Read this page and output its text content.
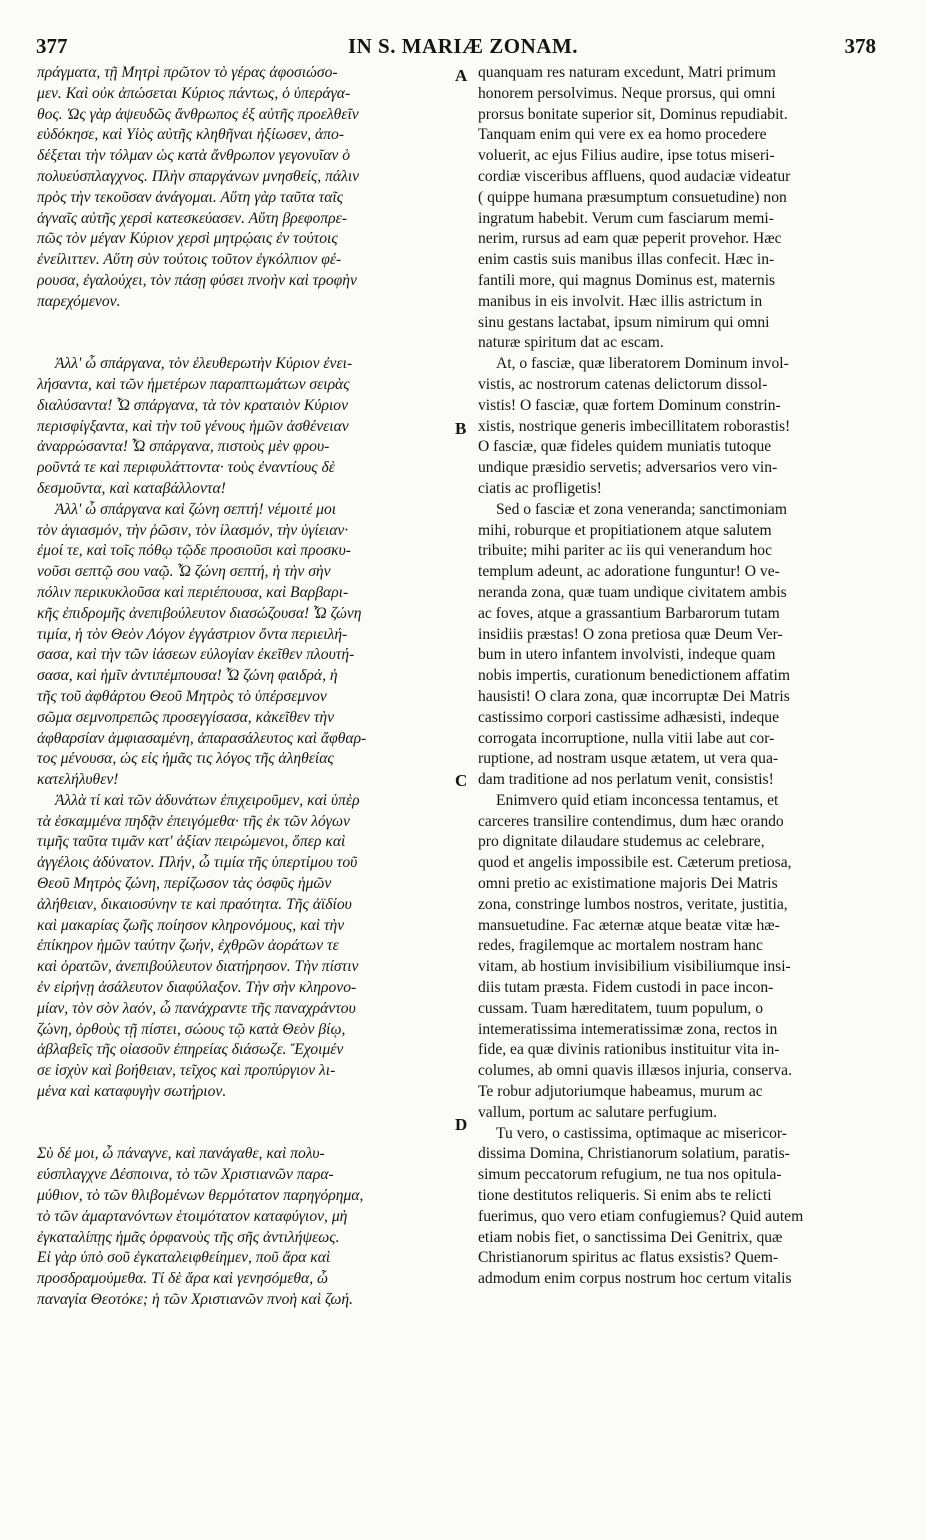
377	IN S. MARIÆ ZONAM.	378
πράγματα, τῇ Μητρὶ πρῶτον τὸ γέρας ἀφοσιώσο-
μεν. Καὶ οὐκ ἀπώσεται Κύριος πάντως, ὁ ὑπεράγα-
θος. Ὡς γὰρ ἀψευδῶς ἄνθρωπος ἐξ αὐτῆς προελθεῖν
εὐδόκησε, καὶ Υἱὸς αὐτῆς κληθῆναι ἠξίωσεν, ἀπο-
δέξεται τὴν τόλμαν ὡς κατὰ ἄνθρωπον γεγονυῖαν ὁ
πολυεύσπλαγχνος. Πλὴν σπαργάνων μνησθείς, πάλιν
πρὸς τὴν τεκοῦσαν ἀνάγομαι. Αὕτη γὰρ ταῦτα ταῖς
ἁγναῖς αὐτῆς χερσὶ κατεσκεύασεν. Αὕτη βρεφοπρε-
πῶς τὸν μέγαν Κύριον χερσὶ μητρῴαις ἐν τούτοις
ἐνείλιττεν. Αὕτη σὺν τούτοις τοῦτον ἐγκόλπιον φέ-
ρουσα, ἐγαλούχει, τὸν πάσῃ φύσει πνοὴν καὶ τροφὴν
παρεχόμενον.
Ἀλλ' ὦ σπάργανα, τὸν ἐλευθερωτὴν Κύριον ἐνει-
λήσαντα, καὶ τῶν ἡμετέρων παραπτωμάτων σειρὰς
διαλύσαντα! Ὦ σπάργανα, τὰ τὸν κραταιὸν Κύριον
περισφίγξαντα, καὶ τὴν τοῦ γένους ἡμῶν ἀσθένειαν
ἀναρρώσαντα! Ὦ σπάργανα, πιστοὺς μὲν φρου-
ροῦντά τε καὶ περιφυλάττοντα· τοὺς ἐναντίους δὲ
δεσμοῦντα, καὶ καταβάλλοντα!
Ἀλλ' ὦ σπάργανα καὶ ζώνη σεπτή! νέμοιτέ μοι
τὸν ἁγιασμόν, τὴν ῥῶσιν, τὸν ἱλασμόν, τὴν ὑγίειαν·
ἐμοί τε, καὶ τοῖς πόθῳ τῷδε προσιοῦσι καὶ προσκυ-
νοῦσι σεπτῷ σου ναῷ. Ὦ ζώνη σεπτή, ἡ τὴν σὴν
πόλιν περικυκλοῦσα καὶ περιέπουσα, καὶ Βαρβαρι-
κῆς ἐπιδρομῆς ἀνεπιβούλευτον διασώζουσα! Ὦ ζώνη
τιμία, ἡ τὸν Θεὸν Λόγον ἐγγάστριον ὄντα περιειλή-
σασα, καὶ τὴν τῶν ἰάσεων εὐλογίαν ἐκεῖθεν πλουτή-
σασα, καὶ ἡμῖν ἀντιπέμπουσα! Ὦ ζώνη φαιδρά, ἡ
τῆς τοῦ ἀφθάρτου Θεοῦ Μητρὸς τὸ ὑπέρσεμνον
σῶμα σεμνοπρεπῶς προσεγγίσασα, κἀκεῖθεν τὴν
ἀφθαρσίαν ἀμφιασαμένη, ἀπαρασάλευτος καὶ ἄφθαρ-
τος μένουσα, ὡς εἰς ἡμᾶς τις λόγος τῆς ἀληθείας
κατελήλυθεν!
Ἀλλὰ τί καὶ τῶν ἀδυνάτων ἐπιχειροῦμεν, καὶ ὑπὲρ
τὰ ἐσκαμμένα πηδᾷν ἐπειγόμεθα· τῆς ἐκ τῶν λόγων
τιμῆς ταῦτα τιμᾶν κατ' ἀξίαν πειρώμενοι, ὅπερ καὶ
ἀγγέλοις ἀδύνατον. Πλήν, ὦ τιμία τῆς ὑπερτίμου τοῦ
Θεοῦ Μητρὸς ζώνη, περίζωσον τὰς ὀσφῦς ἡμῶν
ἀλήθειαν, δικαιοσύνην τε καὶ πραότητα. Τῆς ἀϊδίου
καὶ μακαρίας ζωῆς ποίησον κληρονόμους, καὶ τὴν
ἐπίκηρον ἡμῶν ταύτην ζωήν, ἐχθρῶν ἀοράτων τε
καὶ ὁρατῶν, ἀνεπιβούλευτον διατήρησον. Τὴν πίστιν
ἐν εἰρήνῃ ἀσάλευτον διαφύλαξον. Τὴν σὴν κληρονο-
μίαν, τὸν σὸν λαόν, ὦ πανάχραντε τῆς παναχράντου
ζώνη, ὀρθοὺς τῇ πίστει, σώους τῷ κατὰ Θεὸν βίῳ,
ἀβλαβεῖς τῆς οἰασοῦν ἐπηρείας διάσωζε. Ἔχοιμέν
σε ἰσχὺν καὶ βοήθειαν, τεῖχος καὶ προπύργιον λι-
μένα καὶ καταφυγὴν σωτήριον.
Σὺ δέ μοι, ὦ πάναγνε, καὶ πανάγαθε, καὶ πολυ-
εύσπλαγχνε Δέσποινα, τὸ τῶν Χριστιανῶν παρα-
μύθιον, τὸ τῶν θλιβομένων θερμότατον παρηγόρημα,
τὸ τῶν ἁμαρτανόντων ἑτοιμότατον καταφύγιον, μὴ
ἐγκαταλίπῃς ἡμᾶς ὀρφανοὺς τῆς σῆς ἀντιλήψεως.
Εἰ γὰρ ὑπὸ σοῦ ἐγκαταλειφθείημεν, ποῦ ἄρα καὶ
προσδραμούμεθα. Τί δὲ ἄρα καὶ γενησόμεθα, ὦ
παναγία Θεοτόκε; ἡ τῶν Χριστιανῶν πνοὴ καὶ ζωή.
quanquam res naturam excedunt, Matri primum
honorem persolvimus. Neque prorsus, qui omni
prorsus bonitate superior sit, Dominus repudiabit.
Tanquam enim qui vere ex ea homo procedere
voluerit, ac ejus Filius audire, ipse totus miseri-
cordiæ visceribus affluens, quod audaciæ videatur
( quippe humana præsumptum consuetudine) non
ingratum habebit. Verum cum fasciarum memi-
nerim, rursus ad eam quæ peperit provehor. Hæc
enim castis suis manibus illas confecit. Hæc in-
fantili more, qui magnus Dominus est, maternis
manibus in eis involvit. Hæc illis astrictum in
sinu gestans lactabat, ipsum nimirum qui omni
naturæ spiritum dat ac escam.
At, o fasciæ, quæ liberatorem Dominum invol-
vistis, ac nostrorum catenas delictorum dissol-
vistis! O fasciæ, quæ fortem Dominum constrin-
xistis, nostrique generis imbecillitatem roborastis!
O fasciæ, quæ fideles quidem muniatis tutoque
undique præsidio servetis; adversarios vero vin-
ciatis ac profligetis!
Sed o fasciæ et zona veneranda; sanctimoniam
mihi, roburque et propitiationem atque salutem
tribuite; mihi pariter ac iis qui venerandum hoc
templum adeunt, ac adoratione funguntur! O ve-
neranda zona, quæ tuam undique civitatem ambis
ac foves, atque a grassantium Barbarorum tutam
insidiis præstas! O zona pretiosa quæ Deum Ver-
bum in utero infantem involvisti, indeque quam
nobis impertis, curationum benedictionem affatim
hausisti! O clara zona, quæ incorruptæ Dei Matris
castissimo corpori castissime adhæsisti, indeque
corrogata incorruptione, nulla vitii labe aut cor-
ruptione, ad nostram usque ætatem, ut vera qua-
dam traditione ad nos perlatum venit, consistis!
Enimvero quid etiam inconcessa tentamus, et
carceres transilire contendimus, dum hæc orando
pro dignitate dilaudare studemus ac celebrare,
quod et angelis impossibile est. Cæterum pretiosa,
omni pretio ac existimatione majoris Dei Matris
zona, constringe lumbos nostros, veritate, justitia,
mansuetudine. Fac æternæ atque beatæ vitæ hæ-
redes, fragilemque ac mortalem nostram hanc
vitam, ab hostium invisibilium visibiliumque insi-
diis tutam præsta. Fidem custodi in pace incon-
cussam. Tuam hæreditatem, tuum populum, o
intemeratissima intemeratissimæ zona, rectos in
fide, ea quæ divinis rationibus instituitur vita in-
columes, ab omni quavis illæsos injuria, conserva.
Te robur adjutoriumque habeamus, murum ac
vallum, portum ac salutare perfugium.
Tu vero, o castissima, optimaque ac misericor-
dissima Domina, Christianorum solatium, paratis-
simum peccatorum refugium, ne tua nos opitula-
tione destitutos reliqueris. Si enim abs te relicti
fuerimus, quo vero etiam confugiemus? Quid autem
etiam nobis fiet, o sanctissima Dei Genitrix, quæ
Christianorum spiritus ac flatus exsistis? Quem-
admodum enim corpus nostrum hoc certum vitalis
A
B
C
D
